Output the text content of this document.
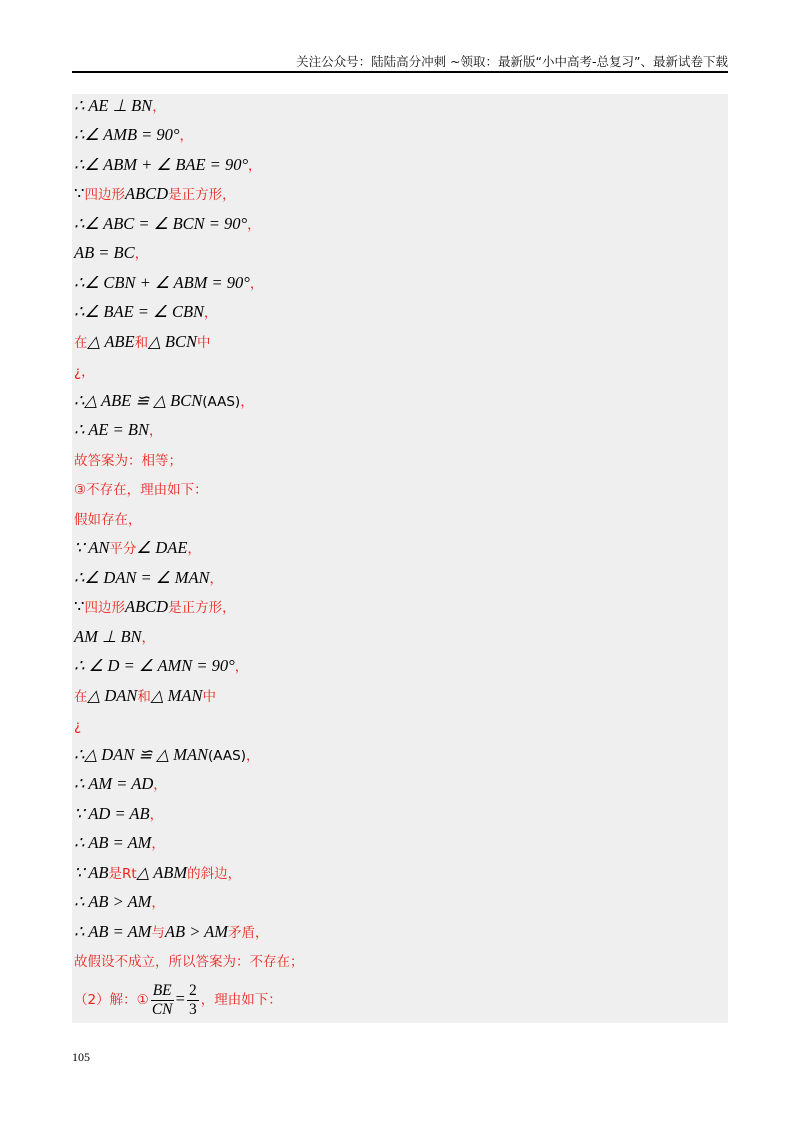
关注公众号：陆陆高分冲刺 ~领取：最新版“小中高考-总复习”、最新试卷下载
∴ AE ⊥ BN，
∴∠ AMB = 90°，
∴∠ ABM + ∠ BAE = 90°，
∵四边形ABCD是正方形，
∴∠ ABC = ∠ BCN = 90°，
AB = BC，
∴∠ CBN + ∠ ABM = 90°，
∴∠ BAE = ∠ CBN，
在△ ABE和△ BCN中
¿，
∴△ ABE ≌ △ BCN(AAS)，
∴ AE = BN，
故答案为：相等；
③不存在，理由如下：
假如存在，
∵ AN平分∠ DAE，
∴∠ DAN = ∠ MAN，
∵四边形ABCD是正方形，
AM ⊥ BN，
∴ ∠ D = ∠ AMN = 90°，
在△ DAN和△ MAN中
¿
∴△ DAN ≌ △ MAN(AAS)，
∴ AM = AD，
∵ AD = AB，
∴ AB = AM，
∵ AB是Rt△ ABM的斜边，
∴ AB > AM，
∴ AB = AM与AB > AM矛盾，
故假设不成立，所以答案为：不存在；
（2）解：① $\frac{BE}{CN} = \frac{2}{3}$ ，理由如下：
105
